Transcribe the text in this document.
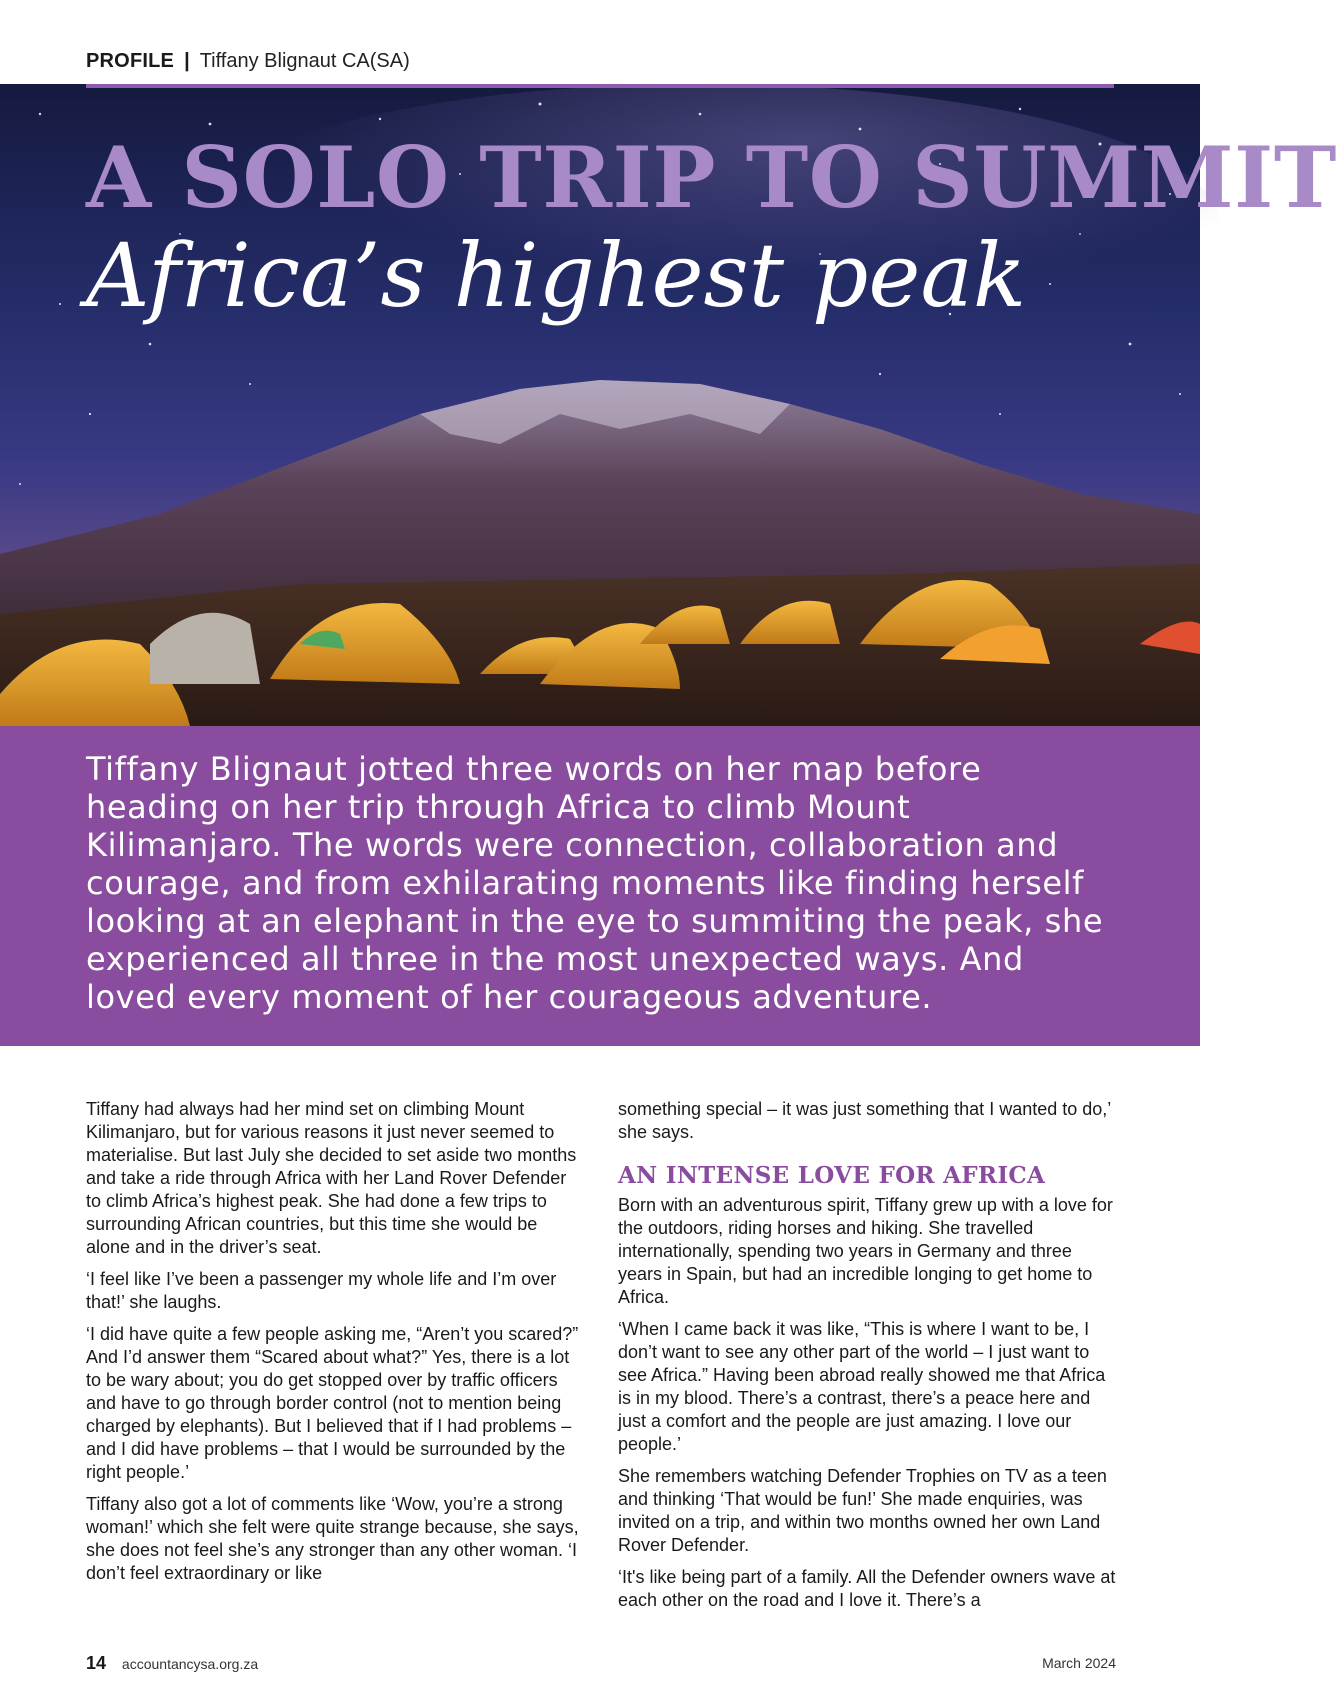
PROFILE | Tiffany Blignaut CA(SA)
A SOLO TRIP TO SUMMIT
Africa’s highest peak

Tiffany Blignaut jotted three words on her map before heading on her trip through Africa to climb Mount Kilimanjaro. The words were connection, collaboration and courage, and from exhilarating moments like finding herself looking at an elephant in the eye to summiting the peak, she experienced all three in the most unexpected ways. And loved every moment of her courageous adventure.

Tiffany had always had her mind set on climbing Mount Kilimanjaro, but for various reasons it just never seemed to materialise. But last July she decided to set aside two months and take a ride through Africa with her Land Rover Defender to climb Africa’s highest peak. She had done a few trips to surrounding African countries, but this time she would be alone and in the driver’s seat.

‘I feel like I’ve been a passenger my whole life and I’m over that!’ she laughs.

‘I did have quite a few people asking me, “Aren’t you scared?” And I’d answer them “Scared about what?” Yes, there is a lot to be wary about; you do get stopped over by traffic officers and have to go through border control (not to mention being charged by elephants). But I believed that if I had problems – and I did have problems – that I would be surrounded by the right people.’

Tiffany also got a lot of comments like ‘Wow, you’re a strong woman!’ which she felt were quite strange because, she says, she does not feel she’s any stronger than any other woman. ‘I don’t feel extraordinary or like

something special – it was just something that I wanted to do,’ she says.

AN INTENSE LOVE FOR AFRICA

Born with an adventurous spirit, Tiffany grew up with a love for the outdoors, riding horses and hiking. She travelled internationally, spending two years in Germany and three years in Spain, but had an incredible longing to get home to Africa.

‘When I came back it was like, “This is where I want to be, I don’t want to see any other part of the world – I just want to see Africa.” Having been abroad really showed me that Africa is in my blood. There’s a contrast, there’s a peace here and just a comfort and the people are just amazing. I love our people.’

She remembers watching Defender Trophies on TV as a teen and thinking ‘That would be fun!’ She made enquiries, was invited on a trip, and within two months owned her own Land Rover Defender.

‘It's like being part of a family. All the Defender owners wave at each other on the road and I love it. There’s a

14 accountancysa.org.za	March 2024
